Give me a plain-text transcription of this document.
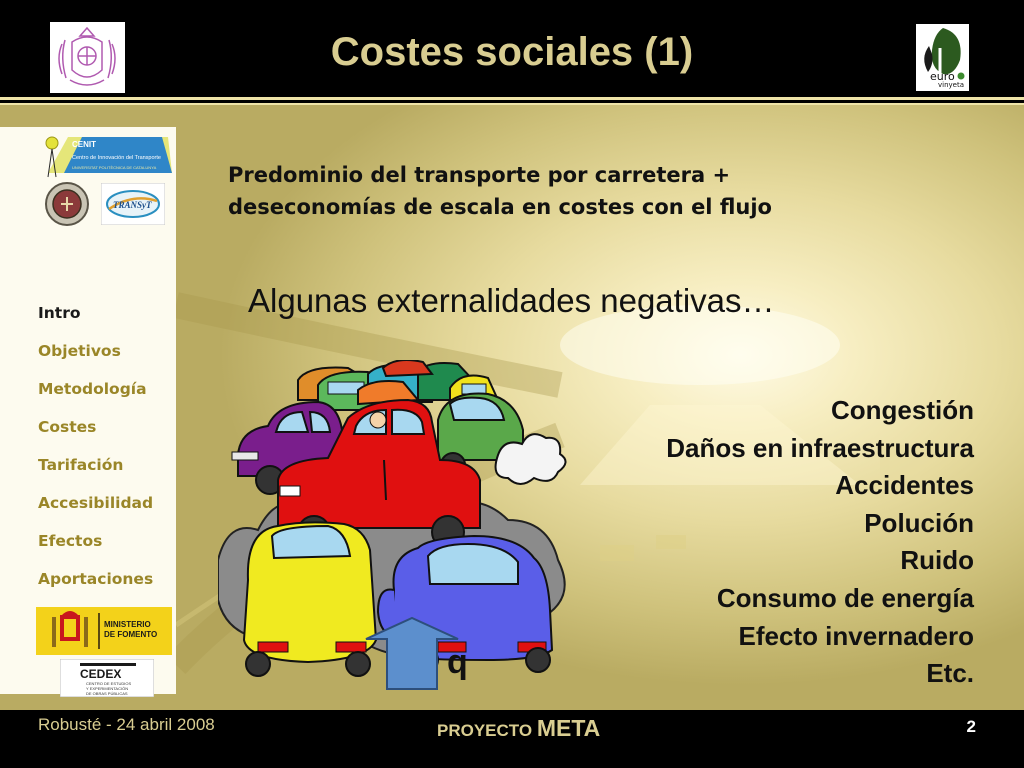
Costes sociales (1)
euro
vinyeta
CENIT
Centro de Innovación del Transporte
UNIVERSITAT POLITÈCNICA DE CATALUNYA
TRANSyT
Intro
Objetivos
Metodología
Costes
Tarifación
Accesibilidad
Efectos
Aportaciones
MINISTERIO
DE FOMENTO
CEDEX
CENTRO DE ESTUDIOS
Y EXPERIMENTACIÓN
DE OBRAS PÚBLICAS
Predominio del transporte por carretera +
deseconomías de escala en costes con el flujo
Algunas externalidades negativas…
Congestión
Daños en infraestructura
Accidentes
Polución
Ruido
Consumo de energía
Efecto invernadero
Etc.
q
Robusté - 24 abril 2008	PROYECTO META	2
